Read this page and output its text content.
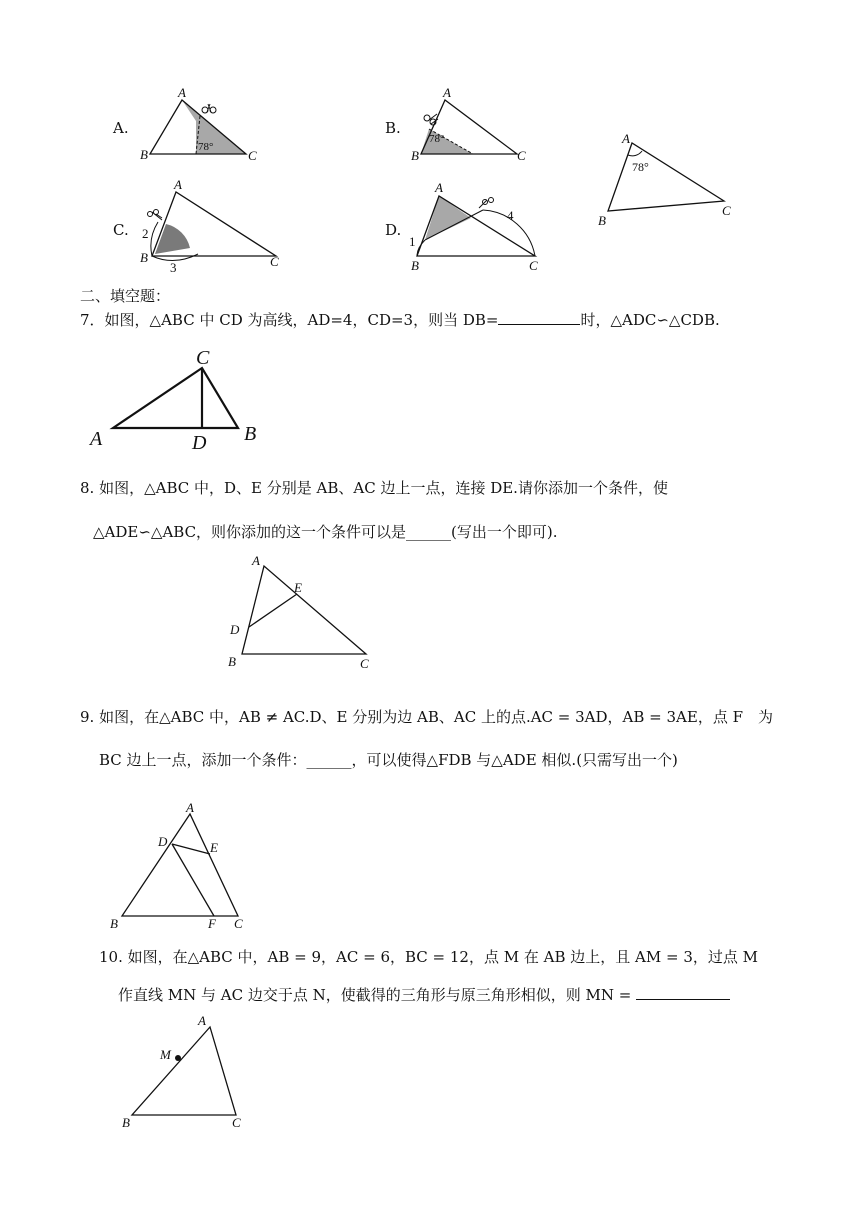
A.
A
B	C
78°
B.
A
B	C
78°	A
B
C
78°
C.
A
B	C
2
3
D.
A
B	C
1
4
二、填空题：
7．如图，△ABC 中 CD 为高线，AD=4，CD=3，则当 DB=	时，△ADC∽△CDB.
C
A	D B
8. 如图，△ABC 中，D、E 分别是 AB、AC 边上一点，连接 DE.请你添加一个条件，使
△ADE∽△ABC，则你添加的这一个条件可以是______(写出一个即可).
A
E
D
B	C
9. 如图，在△ABC 中，AB ≠ AC.D、E 分别为边 AB、AC 上的点.AC = 3AD，AB = 3AE，点 F　为
BC 边上一点，添加一个条件：______，可以使得△FDB 与△ADE 相似.(只需写出一个)
A
D	E
B	F C
10. 如图，在△ABC 中，AB = 9，AC = 6，BC = 12，点 M 在 AB 边上，且 AM = 3，过点 M
作直线 MN 与 AC 边交于点 N，使截得的三角形与原三角形相似，则 MN =
A
M
B	C
